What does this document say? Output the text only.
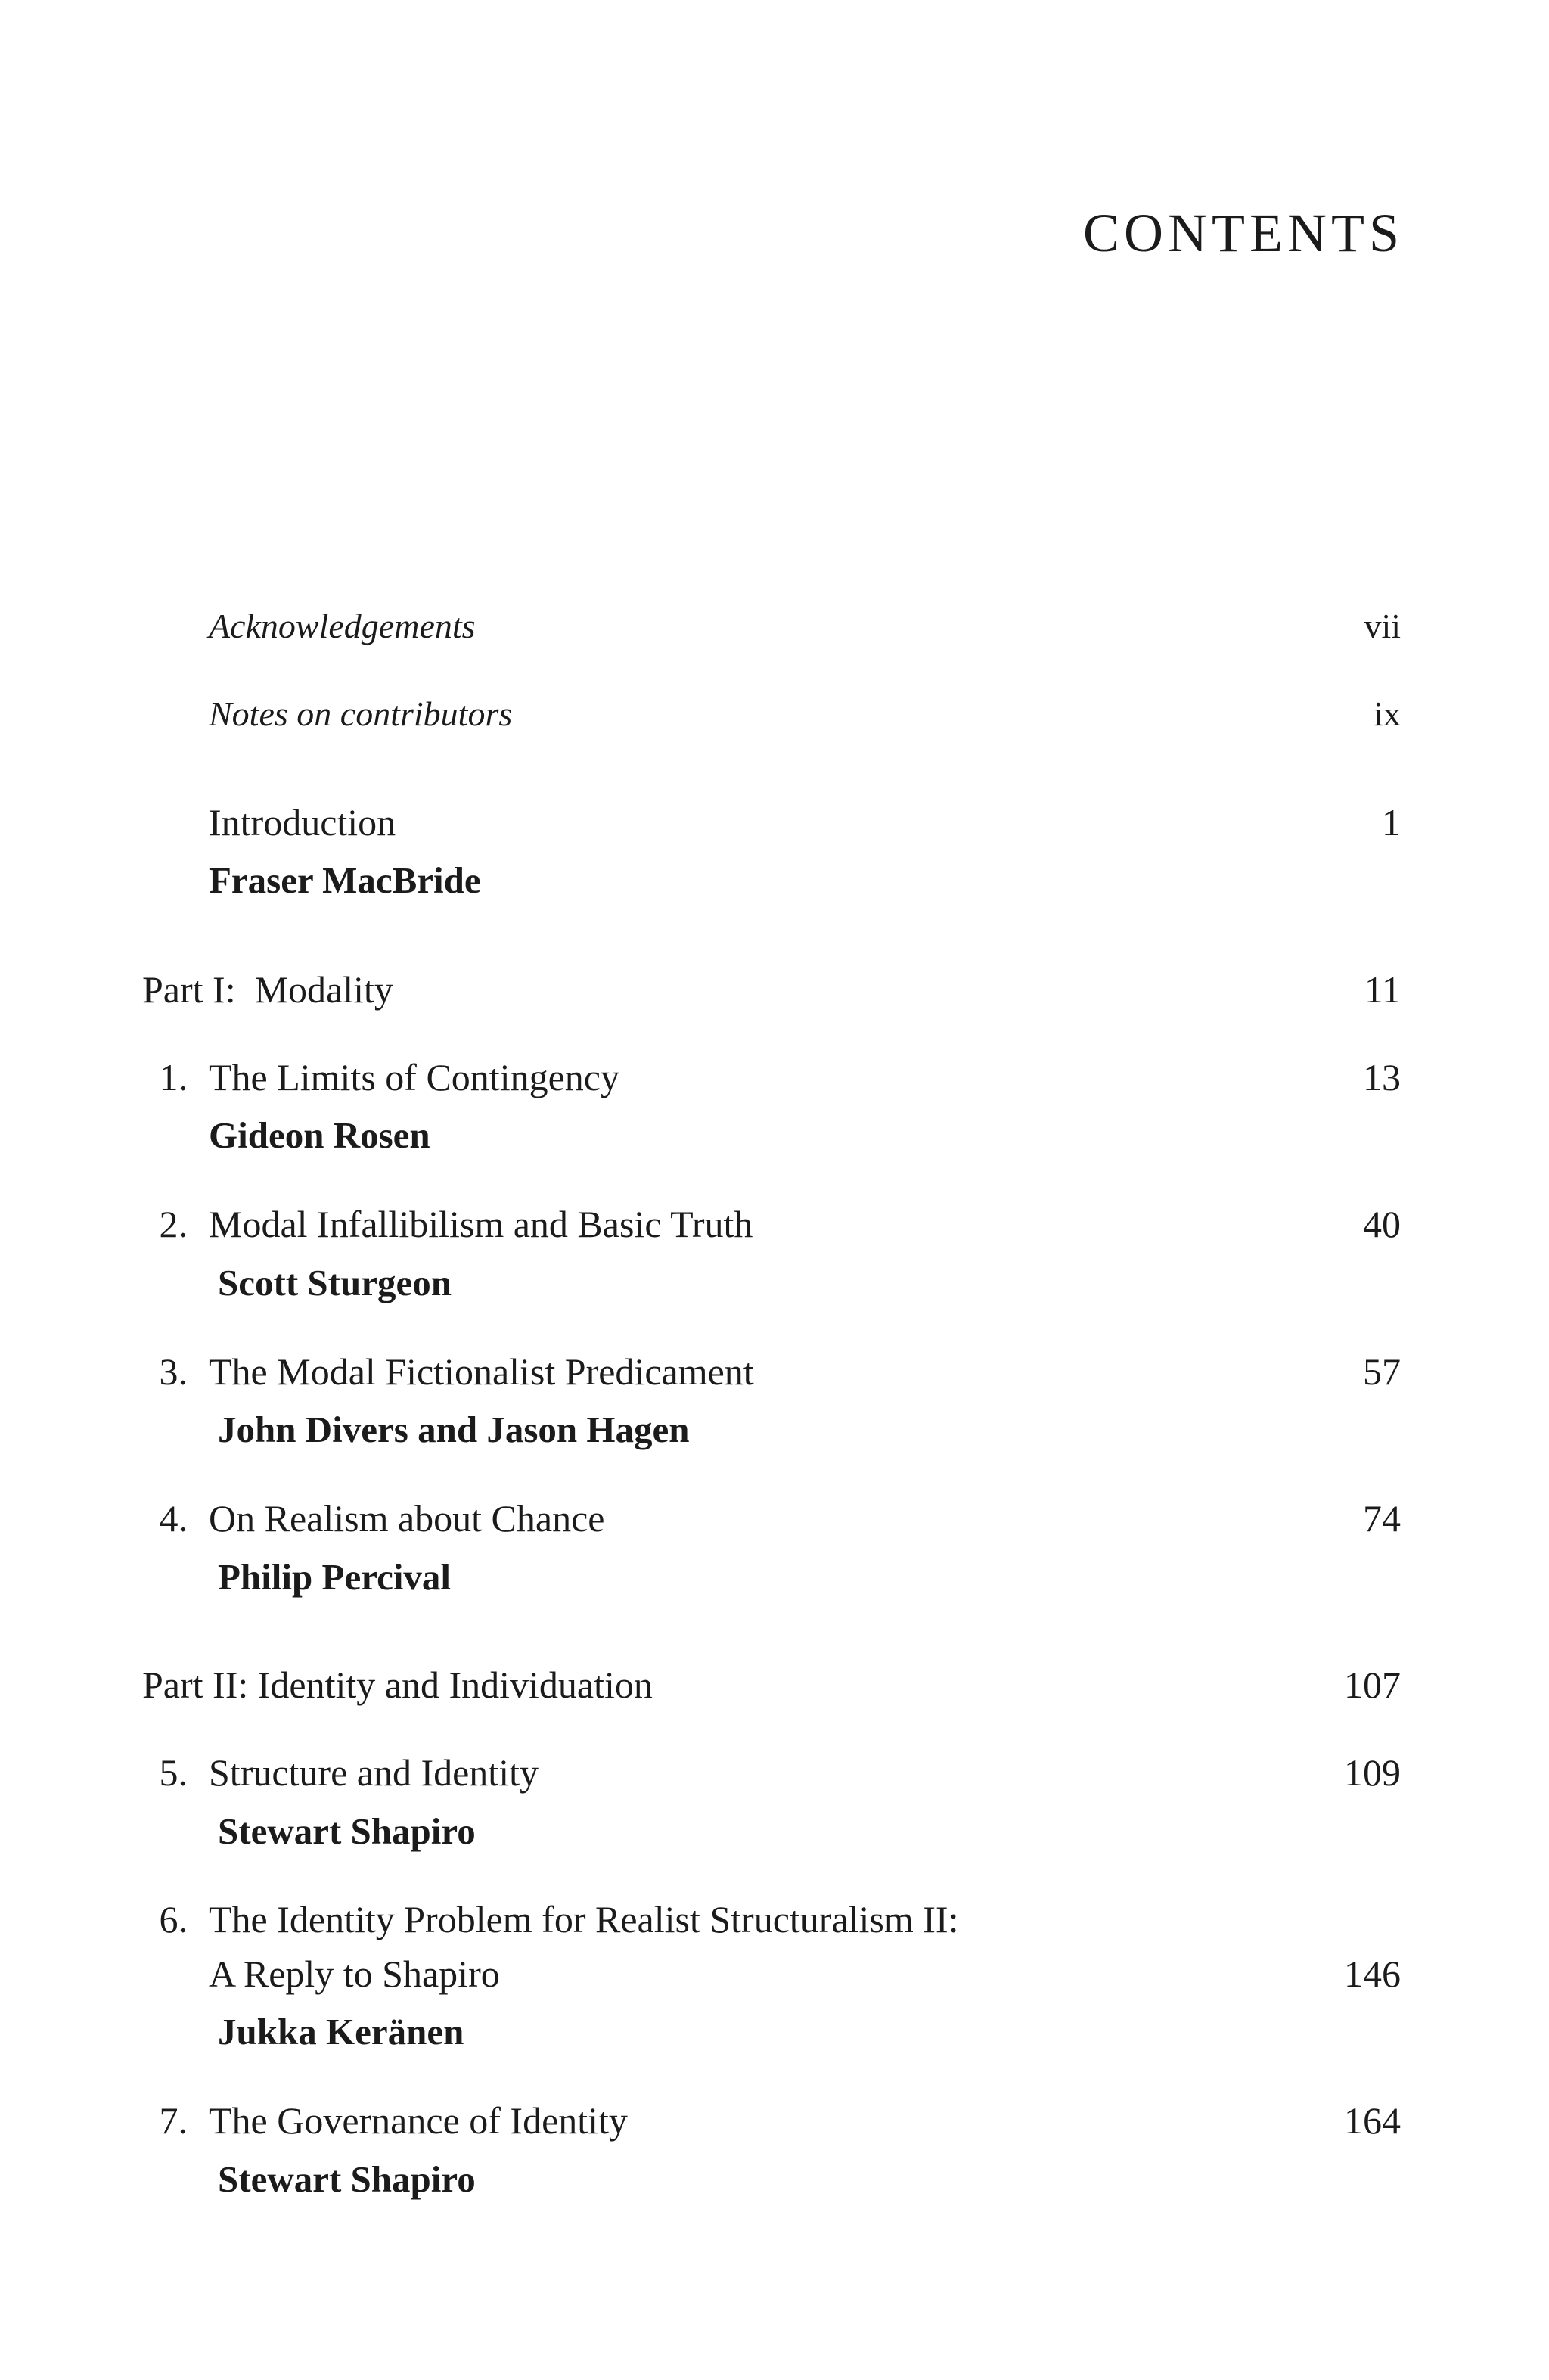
CONTENTS
Acknowledgements	vii
Notes on contributors	ix
Introduction	1
Fraser MacBride
Part I:  Modality	11
1. The Limits of Contingency	13
Gideon Rosen
2. Modal Infallibilism and Basic Truth	40
Scott Sturgeon
3. The Modal Fictionalist Predicament	57
John Divers and Jason Hagen
4. On Realism about Chance	74
Philip Percival
Part II: Identity and Individuation	107
5. Structure and Identity	109
Stewart Shapiro
6. The Identity Problem for Realist Structuralism II:
A Reply to Shapiro	146
Jukka Keränen
7. The Governance of Identity	164
Stewart Shapiro
